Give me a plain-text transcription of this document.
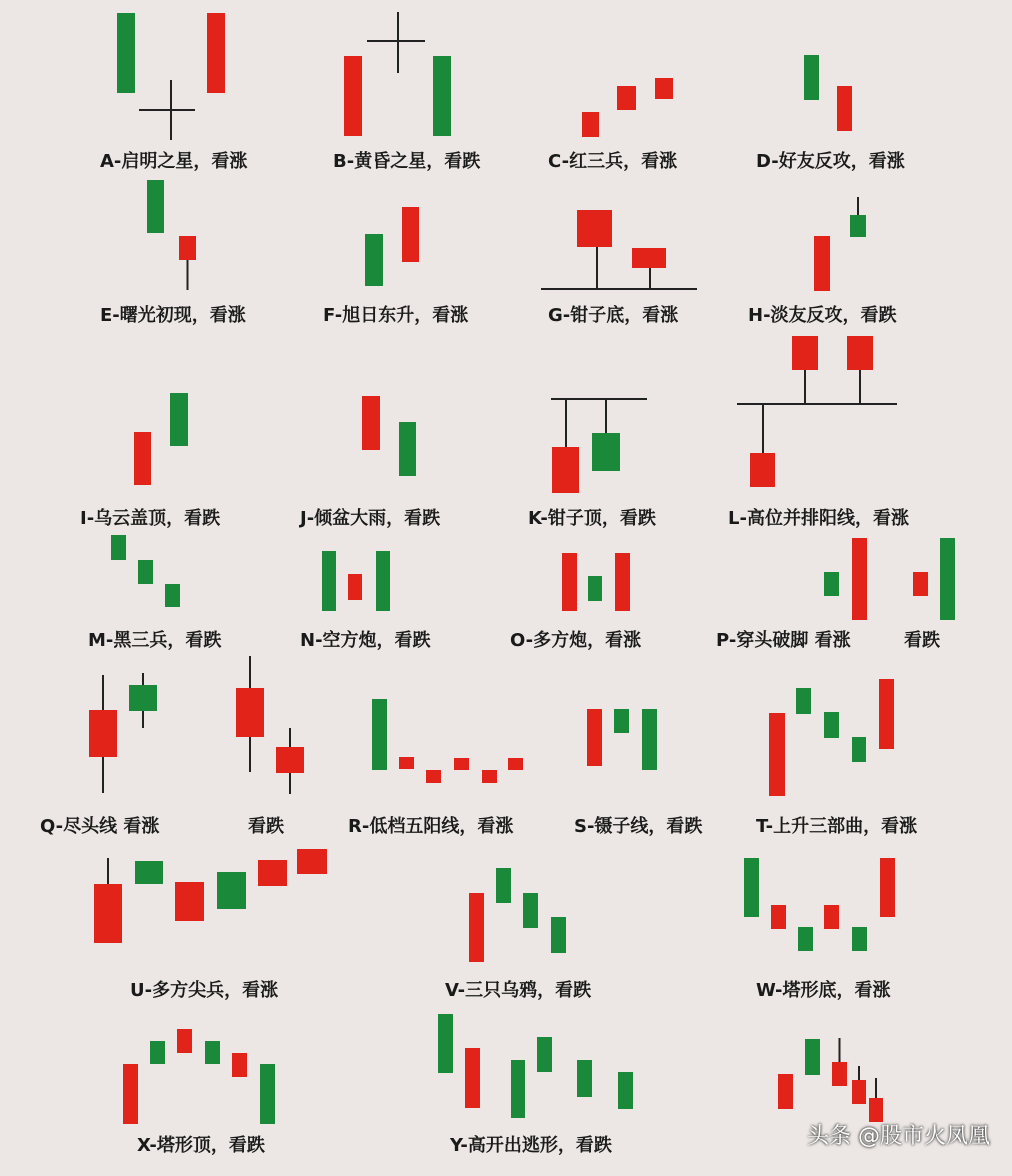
A-启明之星，看涨	B-黄昏之星，看跌	C-红三兵，看涨	D-好友反攻，看涨
E-曙光初现，看涨	F-旭日东升，看涨	G-钳子底，看涨	H-淡友反攻，看跌
I-乌云盖顶，看跌	J-倾盆大雨，看跌	K-钳子顶，看跌	L-高位并排阳线，看涨
M-黑三兵，看跌	N-空方炮，看跌	O-多方炮，看涨	P-穿头破脚 看涨	看跌
Q-尽头线 看涨	看跌	R-低档五阳线，看涨	S-镊子线，看跌	T-上升三部曲，看涨
U-多方尖兵，看涨	V-三只乌鸦，看跌	W-塔形底，看涨
X-塔形顶，看跌	Y-高开出逃形，看跌	头条 @股市火凤凰
